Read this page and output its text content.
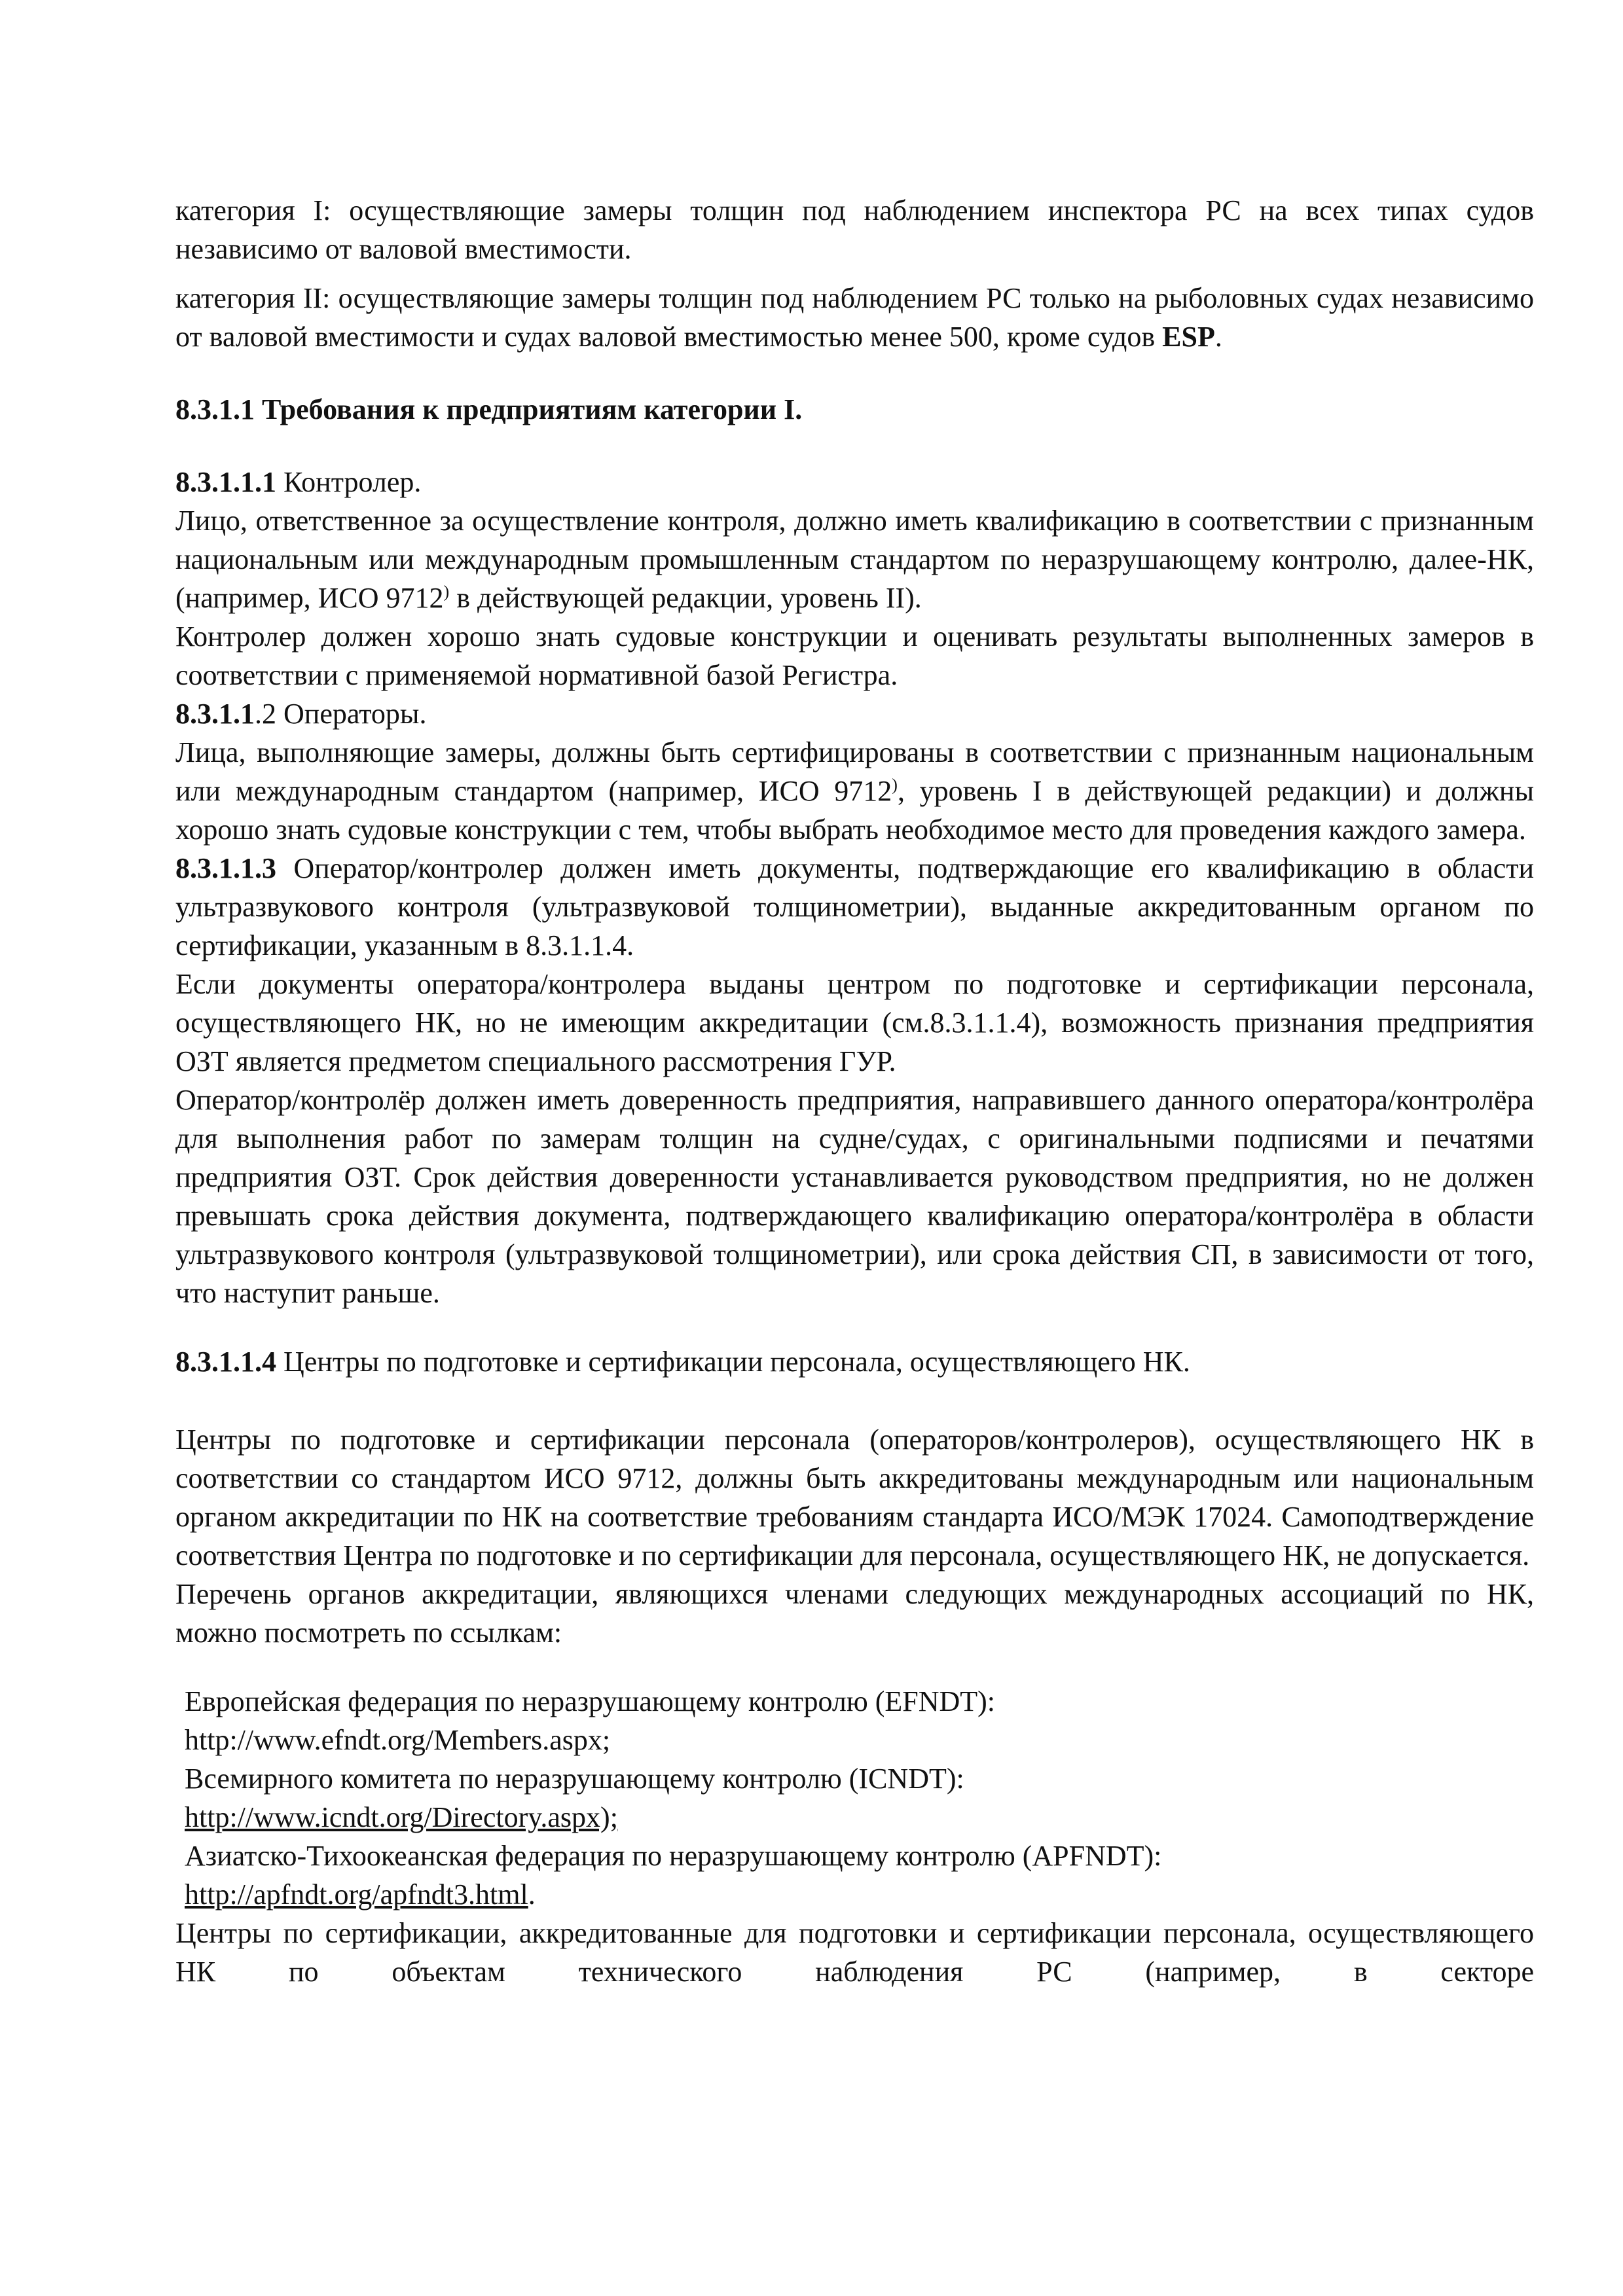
категория I: осуществляющие замеры толщин под наблюдением инспектора РС на всех типах судов независимо от валовой вместимости.

категория II: осуществляющие замеры толщин под наблюдением РС только на рыболовных судах независимо от валовой вместимости и судах валовой вместимостью менее 500, кроме судов ESP.

8.3.1.1 Требования к предприятиям категории I.

8.3.1.1.1 Контролер.

Лицо, ответственное за осуществление контроля, должно иметь квалификацию в соответствии с признанным национальным или международным промышленным стандартом по неразрушающему контролю, далее-НК, (например, ИСО 9712) в действующей редакции, уровень II).

Контролер должен хорошо знать судовые конструкции и оценивать результаты выполненных замеров в соответствии с применяемой нормативной базой Регистра.

8.3.1.1.2 Операторы.

Лица, выполняющие замеры, должны быть сертифицированы в соответствии с признанным национальным или международным стандартом (например, ИСО 9712), уровень I в действующей редакции) и должны хорошо знать судовые конструкции с тем, чтобы выбрать необходимое место для проведения каждого замера.

8.3.1.1.3 Оператор/контролер должен иметь документы, подтверждающие его квалификацию в области ультразвукового контроля (ультразвуковой толщинометрии), выданные аккредитованным органом по сертификации, указанным в 8.3.1.1.4.

Если документы оператора/контролера выданы центром по подготовке и сертификации персонала, осуществляющего НК, но не имеющим аккредитации (см.8.3.1.1.4), возможность признания предприятия ОЗТ является предметом специального рассмотрения ГУР.

Оператор/контролёр должен иметь доверенность предприятия, направившего данного оператора/контролёра для выполнения работ по замерам толщин на судне/судах, с оригинальными подписями и печатями предприятия ОЗТ. Срок действия доверенности устанавливается руководством предприятия, но не должен превышать срока действия документа, подтверждающего квалификацию оператора/контролёра в области ультразвукового контроля (ультразвуковой толщинометрии), или срока действия СП, в зависимости от того, что наступит раньше.

8.3.1.1.4 Центры по подготовке и сертификации персонала, осуществляющего НК.

Центры по подготовке и сертификации персонала (операторов/контролеров), осуществляющего НК в соответствии со стандартом ИСО 9712, должны быть аккредитованы международным или национальным органом аккредитации по НК на соответствие требованиям стандарта ИСО/МЭК 17024. Самоподтверждение соответствия Центра по подготовке и по сертификации для персонала, осуществляющего НК, не допускается.

Перечень органов аккредитации, являющихся членами следующих международных ассоциаций по НК, можно посмотреть по ссылкам:

Европейская федерация по неразрушающему контролю (EFNDT):

http://www.efndt.org/Members.aspx;

Всемирного комитета по неразрушающему контролю (ICNDT):

http://www.icndt.org/Directory.aspx);

Азиатско-Тихоокеанская федерация по неразрушающему контролю (APFNDT):

http://apfndt.org/apfndt3.html.

Центры по сертификации, аккредитованные для подготовки и сертификации персонала, осуществляющего НК по объектам технического наблюдения РС (например, в секторе
